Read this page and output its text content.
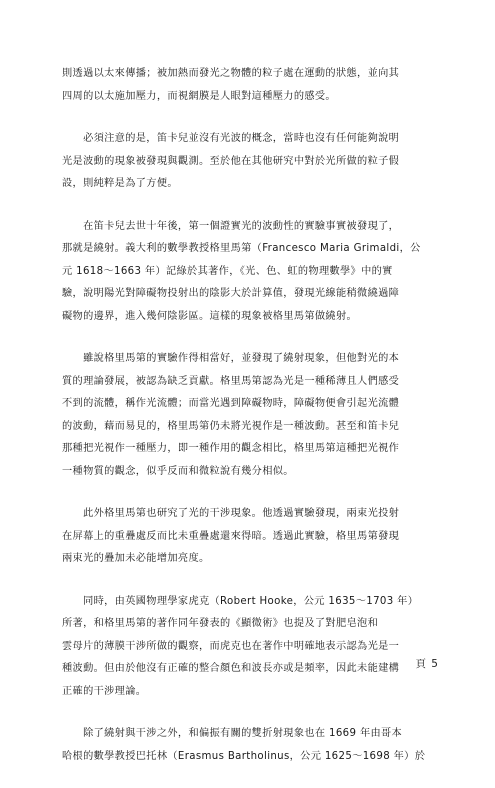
則透過以太來傳播；被加熱而發光之物體的粒子處在運動的狀態，並向其
四周的以太施加壓力，而視網膜是人眼對這種壓力的感受。

　　必須注意的是，笛卡兒並沒有光波的概念，當時也沒有任何能夠說明
光是波動的現象被發現與觀測。至於他在其他研究中對於光所做的粒子假
設，則純粹是為了方便。

　　在笛卡兒去世十年後，第一個證實光的波動性的實驗事實被發現了，
那就是繞射。義大利的數學教授格里馬第（Francesco Maria Grimaldi，公
元 1618～1663 年）記綠於其著作，《光、色、虹的物理數學》中的實
驗，說明陽光對障礙物投射出的陰影大於計算值，發現光線能稍微繞過障
礙物的邊界，進入幾何陰影區。這樣的現象被格里馬第做繞射。

　　雖說格里馬第的實驗作得相當好，並發現了繞射現象，但他對光的本
質的理論發展，被認為缺乏貢獻。格里馬第認為光是一種稀薄且人們感受
不到的流體，稱作光流體；而當光遇到障礙物時，障礙物便會引起光流體
的波動，藉而易見的，格里馬第仍未將光視作是一種波動。甚至和笛卡兒
那種把光視作一種壓力，即一種作用的觀念相比，格里馬第這種把光視作
一種物質的觀念，似乎反而和微粒說有幾分相似。

　　此外格里馬第也研究了光的干涉現象。他透過實驗發現，兩束光投射
在屏幕上的重疊處反而比未重疊處還來得暗。透過此實驗，格里馬第發現
兩束光的疊加未必能增加亮度。

　　同時，由英國物理學家虎克（Robert Hooke，公元 1635～1703 年）
所著，和格里馬第的著作同年發表的《顯微術》也提及了對肥皂泡和
雲母片的薄膜干涉所做的觀察，而虎克也在著作中明確地表示認為光是一
種波動。但由於他沒有正確的整合顏色和波長亦或是頻率，因此未能建構
正確的干涉理論。

　　除了繞射與干涉之外，和偏振有關的雙折射現象也在 1669 年由哥本
哈根的數學教授巴托林（Erasmus Bartholinus，公元 1625～1698 年）於

頁 5
